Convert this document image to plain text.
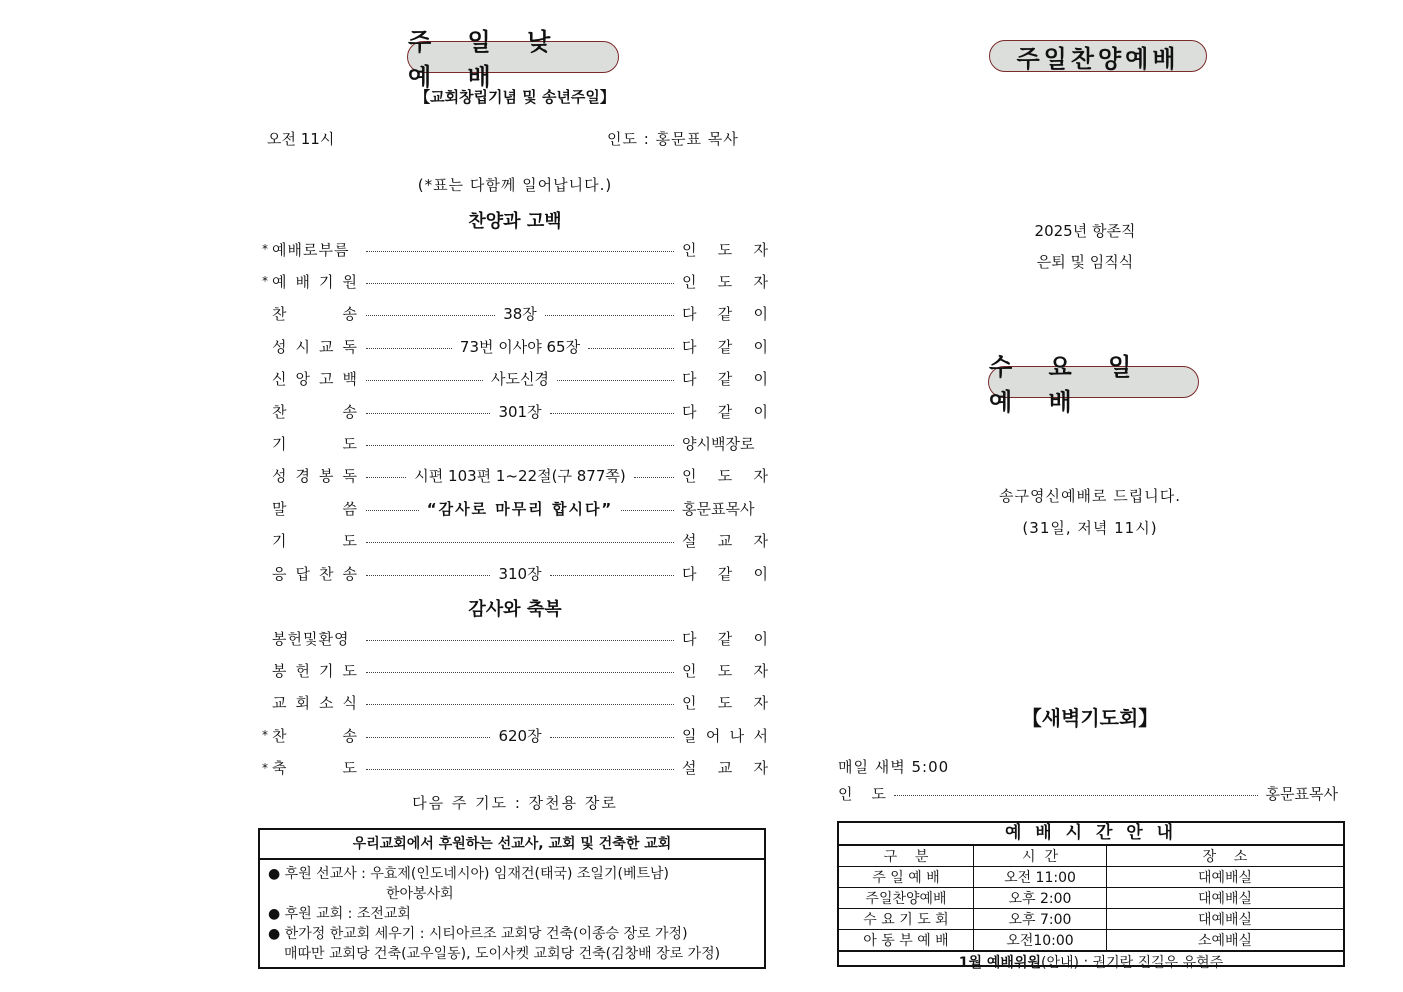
주 일 낮 예 배
【교회창립기념 및 송년주일】
오전 11시	인도 : 홍문표 목사
(*표는 다함께 일어납니다.)
찬양과 고백
* 예배로부름	인 도 자
* 예 배 기 원	인 도 자
찬 송	38장	다 같 이
성 시 교 독	73번 이사야 65장	다 같 이
신 앙 고 백	사도신경	다 같 이
찬 송	301장	다 같 이
기 도	양시백장로
성 경 봉 독	시편 103편 1~22절(구 877쪽)	인 도 자
말 씀	“감사로 마무리 합시다”	홍문표목사
기 도	설 교 자
응 답 찬 송	310장	다 같 이
감사와 축복
봉헌및환영	다 같 이
봉 헌 기 도	인 도 자
교 회 소 식	인 도 자
* 찬 송	620장	일 어 나 서
* 축 도	설 교 자
다음 주 기도 : 장천용 장로
우리교회에서 후원하는 선교사, 교회 및 건축한 교회
● 후원 선교사 : 우효제(인도네시아) 임재건(태국) 조일기(베트남)
한아봉사회
● 후원 교회 : 조전교회
● 한가정 한교회 세우기 : 시티아르조 교회당 건축(이종승 장로 가정)
매따만 교회당 건축(교우일동), 도이사켓 교회당 건축(김창배 장로 가정)
주일찬양예배
2025년 항존직
은퇴 및 임직식
수 요 일 예 배
송구영신예배로 드립니다.
(31일, 저녁 11시)
【새벽기도회】
매일 새벽 5:00
인    도	홍문표목사
예 배 시 간 안 내
구    분	시  간	장    소
주 일 예 배	오전 11:00	대예배실
주일찬양예배	오후 2:00	대예배실
수 요 기 도 회	오후 7:00	대예배실
아 동 부 예 배	오전10:00	소예배실
1월 예배위원(안내) : 권기란 진길우 유현주
